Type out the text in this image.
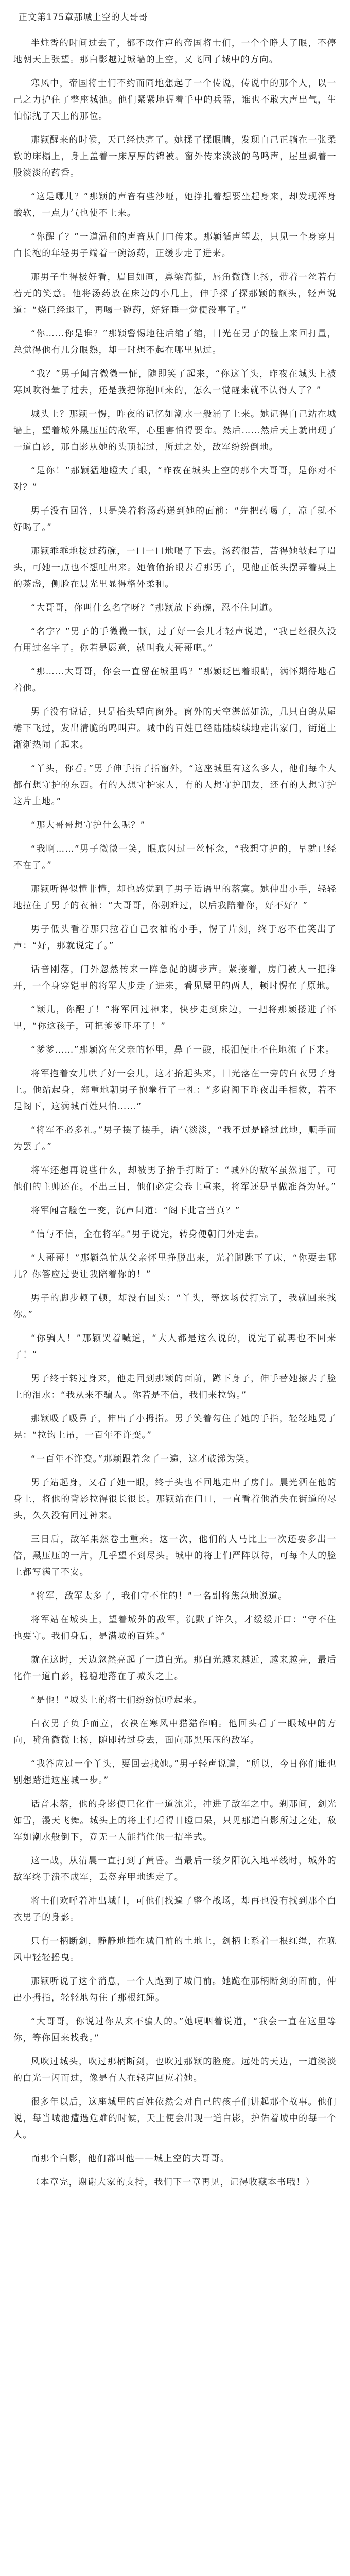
正文第175章那城上空的大哥哥

半炷香的时间过去了，都不敢作声的帝国将士们，一个个睁大了眼，不停地朝天上张望。那白影越过城墙的上空，又飞回了城中的方向。

寒风中，帝国将士们不约而同地想起了一个传说，传说中的那个人，以一己之力护住了整座城池。他们紧紧地握着手中的兵器，谁也不敢大声出气，生怕惊扰了天上的那位。

那颖醒来的时候，天已经快亮了。她揉了揉眼睛，发现自己正躺在一张柔软的床榻上，身上盖着一床厚厚的锦被。窗外传来淡淡的鸟鸣声，屋里飘着一股淡淡的药香。

“这是哪儿？”那颖的声音有些沙哑，她挣扎着想要坐起身来，却发现浑身酸软，一点力气也使不上来。

“你醒了？”一道温和的声音从门口传来。那颖循声望去，只见一个身穿月白长袍的年轻男子端着一碗汤药，正缓步走了进来。

那男子生得极好看，眉目如画，鼻梁高挺，唇角微微上扬，带着一丝若有若无的笑意。他将汤药放在床边的小几上，伸手探了探那颖的额头，轻声说道：“烧已经退了，再喝一碗药，好好睡一觉便没事了。”

“你……你是谁？”那颖警惕地往后缩了缩，目光在男子的脸上来回打量，总觉得他有几分眼熟，却一时想不起在哪里见过。

“我？”男子闻言微微一怔，随即笑了起来，“你这丫头，昨夜在城头上被寒风吹得晕了过去，还是我把你抱回来的，怎么一觉醒来就不认得人了？”

城头上？那颖一愣，昨夜的记忆如潮水一般涌了上来。她记得自己站在城墙上，望着城外黑压压的敌军，心里害怕得要命。然后……然后天上就出现了一道白影，那白影从她的头顶掠过，所过之处，敌军纷纷倒地。

“是你！”那颖猛地瞪大了眼，“昨夜在城头上空的那个大哥哥，是你对不对？”

男子没有回答，只是笑着将汤药递到她的面前：“先把药喝了，凉了就不好喝了。”

那颖乖乖地接过药碗，一口一口地喝了下去。汤药很苦，苦得她皱起了眉头，可她一点也不想吐出来。她偷偷抬眼去看那男子，见他正低头摆弄着桌上的茶盏，侧脸在晨光里显得格外柔和。

“大哥哥，你叫什么名字呀？”那颖放下药碗，忍不住问道。

“名字？”男子的手微微一顿，过了好一会儿才轻声说道，“我已经很久没有用过名字了。你若是愿意，就叫我大哥哥吧。”

“那……大哥哥，你会一直留在城里吗？”那颖眨巴着眼睛，满怀期待地看着他。

男子没有说话，只是抬头望向窗外。窗外的天空湛蓝如洗，几只白鸽从屋檐下飞过，发出清脆的鸣叫声。城中的百姓已经陆陆续续地走出家门，街道上渐渐热闹了起来。

“丫头，你看。”男子伸手指了指窗外，“这座城里有这么多人，他们每个人都有想守护的东西。有的人想守护家人，有的人想守护朋友，还有的人想守护这片土地。”

“那大哥哥想守护什么呢？”

“我啊……”男子微微一笑，眼底闪过一丝怀念，“我想守护的，早就已经不在了。”

那颖听得似懂非懂，却也感觉到了男子话语里的落寞。她伸出小手，轻轻地拉住了男子的衣袖：“大哥哥，你别难过，以后我陪着你，好不好？”

男子低头看着那只拉着自己衣袖的小手，愣了片刻，终于忍不住笑出了声：“好，那就说定了。”

话音刚落，门外忽然传来一阵急促的脚步声。紧接着，房门被人一把推开，一个身穿铠甲的将军大步走了进来，看见屋里的两人，顿时愣在了原地。

“颖儿，你醒了！”将军回过神来，快步走到床边，一把将那颖搂进了怀里，“你这孩子，可把爹爹吓坏了！”

“爹爹……”那颖窝在父亲的怀里，鼻子一酸，眼泪便止不住地流了下来。

将军抱着女儿哄了好一会儿，这才抬起头来，目光落在一旁的白衣男子身上。他站起身，郑重地朝男子抱拳行了一礼：“多谢阁下昨夜出手相救，若不是阁下，这满城百姓只怕……”

“将军不必多礼。”男子摆了摆手，语气淡淡，“我不过是路过此地，顺手而为罢了。”

将军还想再说些什么，却被男子抬手打断了：“城外的敌军虽然退了，可他们的主帅还在。不出三日，他们必定会卷土重来，将军还是早做准备为好。”

将军闻言脸色一变，沉声问道：“阁下此言当真？”

“信与不信，全在将军。”男子说完，转身便朝门外走去。

“大哥哥！”那颖急忙从父亲怀里挣脱出来，光着脚跳下了床，“你要去哪儿？你答应过要让我陪着你的！”

男子的脚步顿了顿，却没有回头：“丫头，等这场仗打完了，我就回来找你。”

“你骗人！”那颖哭着喊道，“大人都是这么说的，说完了就再也不回来了！”

男子终于转过身来，他走回到那颖的面前，蹲下身子，伸手替她擦去了脸上的泪水：“我从来不骗人。你若是不信，我们来拉钩。”

那颖吸了吸鼻子，伸出了小拇指。男子笑着勾住了她的手指，轻轻地晃了晃：“拉钩上吊，一百年不许变。”

“一百年不许变。”那颖跟着念了一遍，这才破涕为笑。

男子站起身，又看了她一眼，终于头也不回地走出了房门。晨光洒在他的身上，将他的背影拉得很长很长。那颖站在门口，一直看着他消失在街道的尽头，久久没有回过神来。

三日后，敌军果然卷土重来。这一次，他们的人马比上一次还要多出一倍，黑压压的一片，几乎望不到尽头。城中的将士们严阵以待，可每个人的脸上都写满了不安。

“将军，敌军太多了，我们守不住的！”一名副将焦急地说道。

将军站在城头上，望着城外的敌军，沉默了许久，才缓缓开口：“守不住也要守。我们身后，是满城的百姓。”

就在这时，天边忽然亮起了一道白光。那白光越来越近，越来越亮，最后化作一道白影，稳稳地落在了城头之上。

“是他！”城头上的将士们纷纷惊呼起来。

白衣男子负手而立，衣袂在寒风中猎猎作响。他回头看了一眼城中的方向，嘴角微微上扬，随即转过身去，面向那黑压压的敌军。

“我答应过一个丫头，要回去找她。”男子轻声说道，“所以，今日你们谁也别想踏进这座城一步。”

话音未落，他的身影便已化作一道流光，冲进了敌军之中。刹那间，剑光如雪，漫天飞舞。城头上的将士们看得目瞪口呆，只见那道白影所过之处，敌军如潮水般倒下，竟无一人能挡住他一招半式。

这一战，从清晨一直打到了黄昏。当最后一缕夕阳沉入地平线时，城外的敌军终于溃不成军，丢盔弃甲地逃走了。

将士们欢呼着冲出城门，可他们找遍了整个战场，却再也没有找到那个白衣男子的身影。

只有一柄断剑，静静地插在城门前的土地上，剑柄上系着一根红绳，在晚风中轻轻摇曳。

那颖听说了这个消息，一个人跑到了城门前。她跪在那柄断剑的面前，伸出小拇指，轻轻地勾住了那根红绳。

“大哥哥，你说过你从来不骗人的。”她哽咽着说道，“我会一直在这里等你，等你回来找我。”

风吹过城头，吹过那柄断剑，也吹过那颖的脸庞。远处的天边，一道淡淡的白光一闪而过，像是有人在轻声回应着她。

很多年以后，这座城里的百姓依然会对自己的孩子们讲起那个故事。他们说，每当城池遭遇危难的时候，天上便会出现一道白影，护佑着城中的每一个人。

而那个白影，他们都叫他——城上空的大哥哥。

（本章完，谢谢大家的支持，我们下一章再见，记得收藏本书哦！）
